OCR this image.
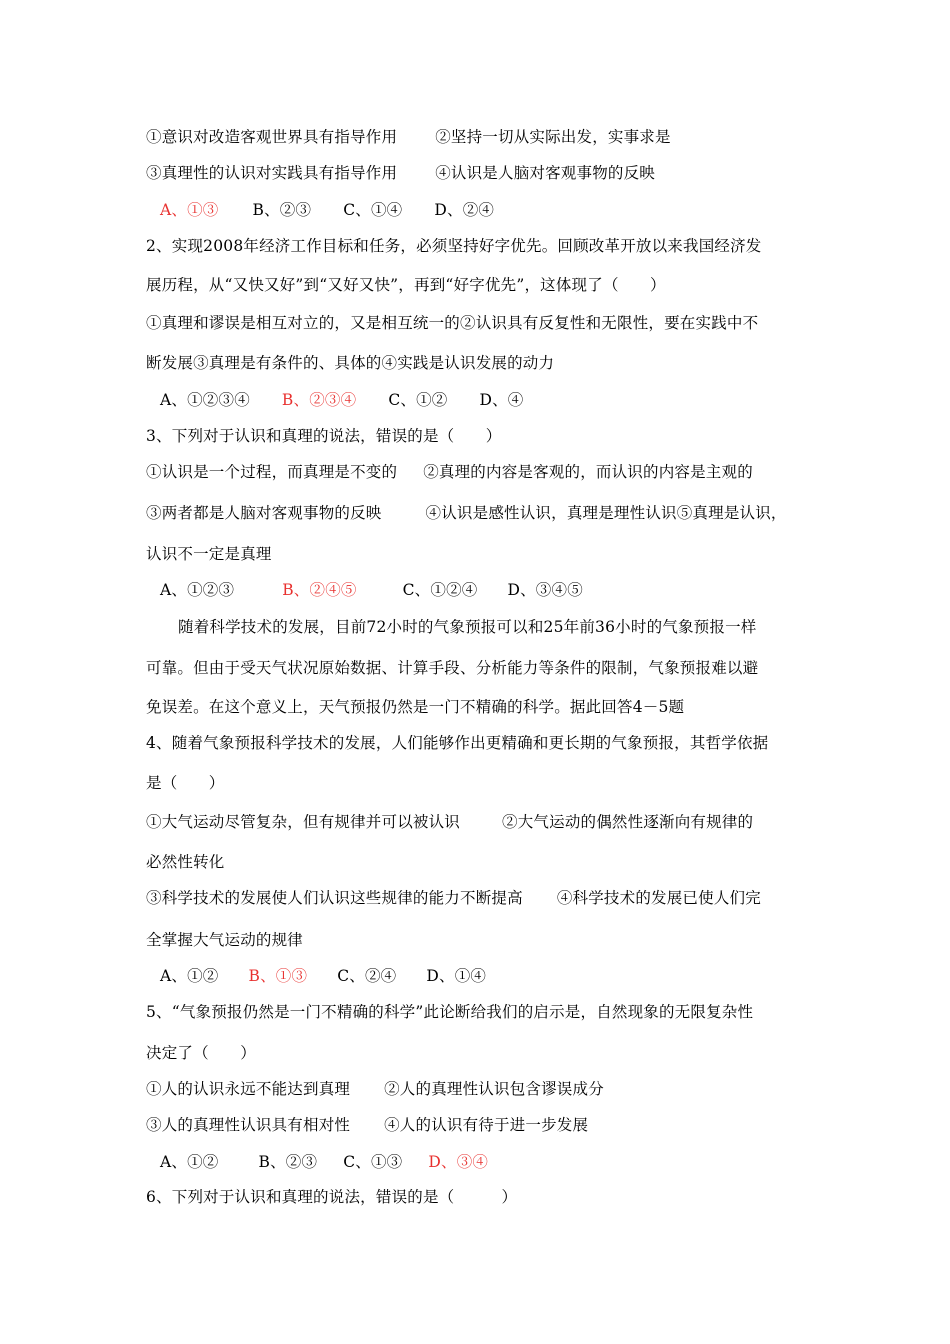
①意识对改造客观世界具有指导作用 ②坚持一切从实际出发，实事求是
③真理性的认识对实践具有指导作用 ④认识是人脑对客观事物的反映
A、①③ B、②③ C、①④ D、②④
2、实现2008年经济工作目标和任务，必须坚持好字优先。回顾改革开放以来我国经济发
展历程，从“又快又好”到“又好又快”，再到“好字优先”，这体现了（　　）
①真理和谬误是相互对立的，又是相互统一的②认识具有反复性和无限性，要在实践中不
断发展③真理是有条件的、具体的④实践是认识发展的动力
A、①②③④ B、②③④ C、①② D、④
3、下列对于认识和真理的说法，错误的是（　　）
①认识是一个过程，而真理是不变的 ②真理的内容是客观的，而认识的内容是主观的
③两者都是人脑对客观事物的反映	④认识是感性认识，真理是理性认识⑤真理是认识，
认识不一定是真理
A、①②③	B、②④⑤	C、①②④ D、③④⑤
随着科学技术的发展，目前72小时的气象预报可以和25年前36小时的气象预报一样
可靠。但由于受天气状况原始数据、计算手段、分析能力等条件的限制，气象预报难以避
免误差。在这个意义上，天气预报仍然是一门不精确的科学。据此回答4－5题
4、随着气象预报科学技术的发展，人们能够作出更精确和更长期的气象预报，其哲学依据
是（　　）
①大气运动尽管复杂，但有规律并可以被认识	②大气运动的偶然性逐渐向有规律的
必然性转化
③科学技术的发展使人们认识这些规律的能力不断提高 ④科学技术的发展已使人们完
全掌握大气运动的规律
A、①② B、①③ C、②④ D、①④
5、“气象预报仍然是一门不精确的科学”此论断给我们的启示是，自然现象的无限复杂性
决定了（　　）
①人的认识永远不能达到真理 ②人的真理性认识包含谬误成分
③人的真理性认识具有相对性 ④人的认识有待于进一步发展
A、①②	B、②③ C、①③ D、③④
6、下列对于认识和真理的说法，错误的是（　　　）
